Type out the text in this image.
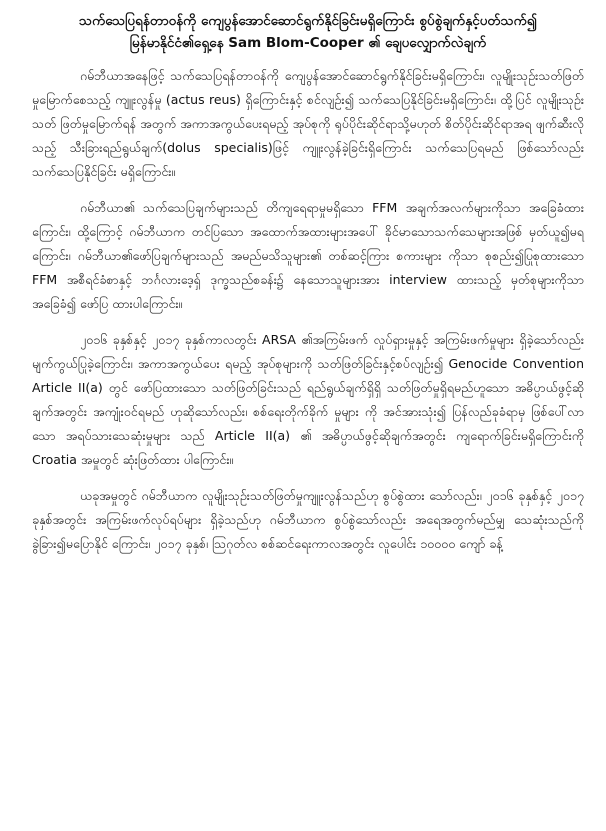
သက်သေပြရန်တာဝန်ကို ကျေပွန်အောင်ဆောင်ရွက်နိုင်ခြင်းမရှိကြောင်း စွပ်စွဲချက်နှင့်ပတ်သက်၍ မြန်မာနိုင်ငံ၏ရှေ့နေ Sam Blom-Cooper ၏ ချေပလျှောက်လဲချက်

ဂမ်ဘီယာအနေဖြင့် သက်သေပြရန်တာဝန်ကို ကျေပွန်အောင်ဆောင်ရွက်နိုင်ခြင်းမရှိကြောင်း၊ လူမျိုးသုဉ်းသတ်ဖြတ်မှုမြောက်စေသည့် ကျူးလွန်မှု (actus reus) ရှိကြောင်းနှင့် စင်လျဉ်း၍ သက်သေပြနိုင်ခြင်းမရှိကြောင်း၊ ထို့ပြင် လူမျိုးသုဉ်းသတ် ဖြတ်မှုမြောက်ရန် အတွက် အကာအကွယ်ပေးရမည့် အုပ်စုကို ရုပ်ပိုင်းဆိုင်ရာသို့မဟုတ် စိတ်ပိုင်းဆိုင်ရာအရ ဖျက်ဆီးလိုသည့် သီးခြားရည်ရွယ်ချက်(dolus specialis)ဖြင့် ကျူးလွန်ခဲ့ခြင်းရှိကြောင်း သက်သေပြရမည် ဖြစ်သော်လည်း သက်သေပြနိုင်ခြင်း မရှိကြောင်း။

ဂမ်ဘီယာ၏ သက်သေပြချက်များသည် တိကျရေရာမှုမရှိသော FFM အချက်အလက်များကိုသာ အခြေခံထားကြောင်း၊ ထို့ကြောင့် ဂမ်ဘီယာက တင်ပြသော အထောက်အထားများအပေါ် ခိုင်မာသောသက်သေများအဖြစ် မှတ်ယူ၍မရကြောင်း၊ ဂမ်ဘီယာ၏ဖော်ပြချက်များသည် အမည်မသိသူများ၏ တစ်ဆင့်ကြား စကားများ ကိုသာ စုစည်း၍ပြုစုထားသော FFM အစီရင်ခံစာနှင့် ဘင်္ဂလားဒေ့ရှ် ဒုက္ခသည်စခန်း၌ နေသောသူများအား interview ထားသည့် မှတ်စုများကိုသာ အခြေခံ၍ ဖော်ပြ ထားပါကြောင်း။

၂၀၁၆ ခုနှစ်နှင့် ၂၀၁၇ ခုနှစ်ကာလတွင်း ARSA ၏အကြမ်းဖက် လှုပ်ရှားမှုနှင့် အကြမ်းဖက်မှုများ ရှိခဲ့သော်လည်း မျက်ကွယ်ပြုခဲ့ကြောင်း၊ အကာအကွယ်ပေး ရမည့် အုပ်စုများကို သတ်ဖြတ်ခြင်းနှင့်စပ်လျဉ်း၍ Genocide Convention Article II(a) တွင် ဖော်ပြထားသော သတ်ဖြတ်ခြင်းသည် ရည်ရွယ်ချက်ရှိရှိ သတ်ဖြတ်မှုရှိရမည်ဟူသော အဓိပ္ပာယ်ဖွင့်ဆိုချက်အတွင်း အကျုံးဝင်ရမည် ဟုဆိုသော်လည်း၊ စစ်ရေးတိုက်ခိုက် မှုများ ကို အင်အားသုံး၍ ပြန်လည်ခုခံရာမှ ဖြစ်ပေါ်လာသော အရပ်သားသေဆုံးမှုများ သည် Article II(a) ၏ အဓိပ္ပာယ်ဖွင့်ဆိုချက်အတွင်း ကျရောက်ခြင်းမရှိကြောင်းကို Croatia အမှုတွင် ဆုံးဖြတ်ထား ပါကြောင်း။

ယခုအမှုတွင် ဂမ်ဘီယာက လူမျိုးသုဉ်းသတ်ဖြတ်မှုကျူးလွန်သည်ဟု စွပ်စွဲထား သော်လည်း၊ ၂၀၁၆ ခုနှစ်နှင့် ၂၀၁၇ ခုနှစ်အတွင်း အကြမ်းဖက်လုပ်ရပ်များ ရှိခဲ့သည်ဟု ဂမ်ဘီယာက စွပ်စွဲသော်လည်း အရေအတွက်မည်မျှ သေဆုံးသည်ကို ခွဲခြား၍မပြောနိုင် ကြောင်း၊ ၂၀၁၇ ခုနှစ်၊ ဩဂုတ်လ စစ်ဆင်ရေးကာလအတွင်း လူပေါင်း ၁၀၀၀၀ ကျော် ခန့်
